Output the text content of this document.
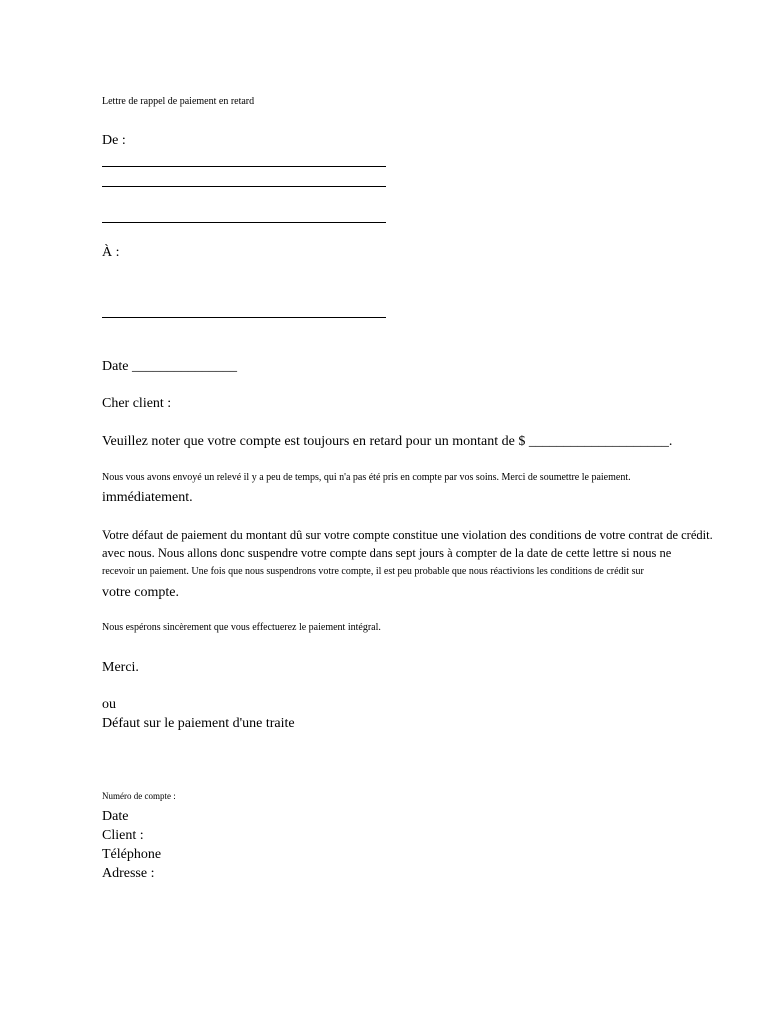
Lettre de rappel de paiement en retard
De :
À :
Date _______________
Cher client :
Veuillez noter que votre compte est toujours en retard pour un montant de $ ____________________.
Nous vous avons envoyé un relevé il y a peu de temps, qui n'a pas été pris en compte par vos soins. Merci de soumettre le paiement.
immédiatement.
Votre défaut de paiement du montant dû sur votre compte constitue une violation des conditions de votre contrat de crédit.
avec nous. Nous allons donc suspendre votre compte dans sept jours à compter de la date de cette lettre si nous ne
recevoir un paiement. Une fois que nous suspendrons votre compte, il est peu probable que nous réactivions les conditions de crédit sur
votre compte.
Nous espérons sincèrement que vous effectuerez le paiement intégral.
Merci.
ou
Défaut sur le paiement d'une traite
Numéro de compte :
Date
Client :
Téléphone
Adresse :
